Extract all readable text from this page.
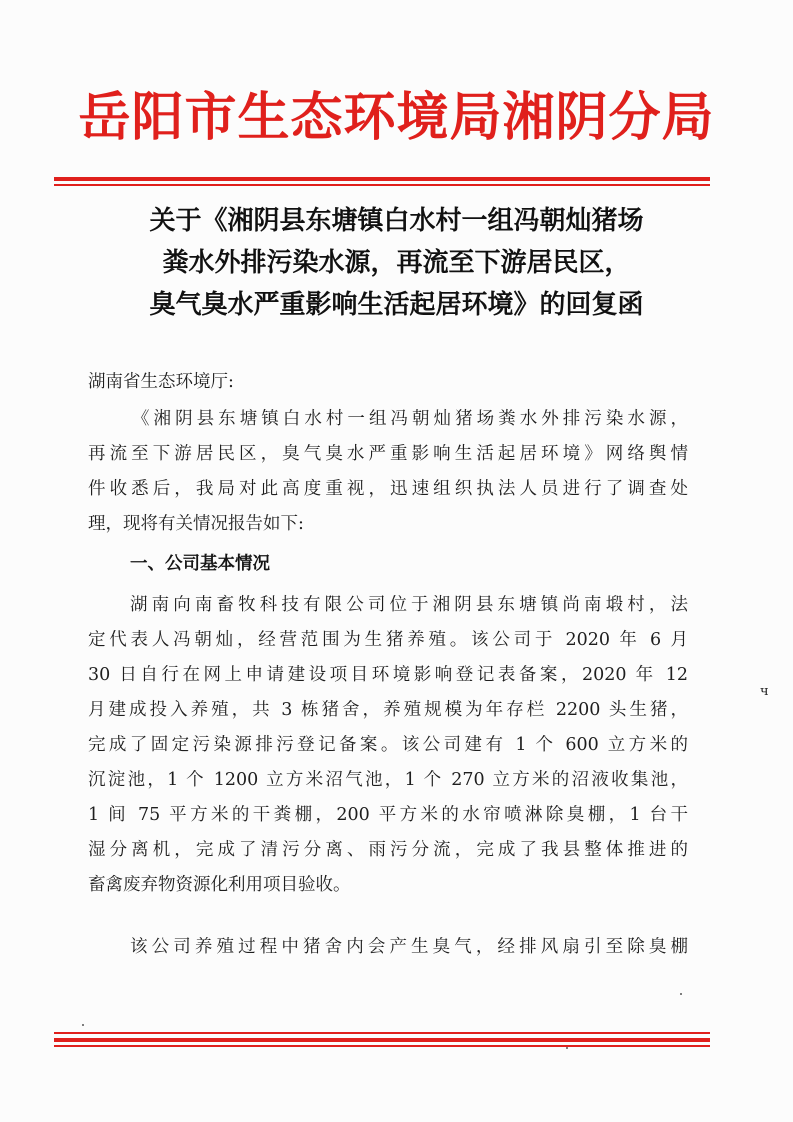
岳阳市生态环境局湘阴分局
关于《湘阴县东塘镇白水村一组冯朝灿猪场
粪水外排污染水源，再流至下游居民区，
臭气臭水严重影响生活起居环境》的回复函
湖南省生态环境厅:
《湘阴县东塘镇白水村一组冯朝灿猪场粪水外排污染水源，
再流至下游居民区，臭气臭水严重影响生活起居环境》网络舆情
件收悉后，我局对此高度重视，迅速组织执法人员进行了调查处
理，现将有关情况报告如下:
一、公司基本情况
湖南向南畜牧科技有限公司位于湘阴县东塘镇尚南塅村，法
定代表人冯朝灿，经营范围为生猪养殖。该公司于 2020 年 6 月
30 日自行在网上申请建设项目环境影响登记表备案，2020 年 12
月建成投入养殖，共 3 栋猪舍，养殖规模为年存栏 2200 头生猪，
完成了固定污染源排污登记备案。该公司建有 1 个 600 立方米的
沉淀池，1 个 1200 立方米沼气池，1 个 270 立方米的沼液收集池，
1 间 75 平方米的干粪棚，200 平方米的水帘喷淋除臭棚，1 台干
湿分离机，完成了清污分离、雨污分流，完成了我县整体推进的
畜禽废弃物资源化利用项目验收。
该公司养殖过程中猪舍内会产生臭气，经排风扇引至除臭棚
ч
